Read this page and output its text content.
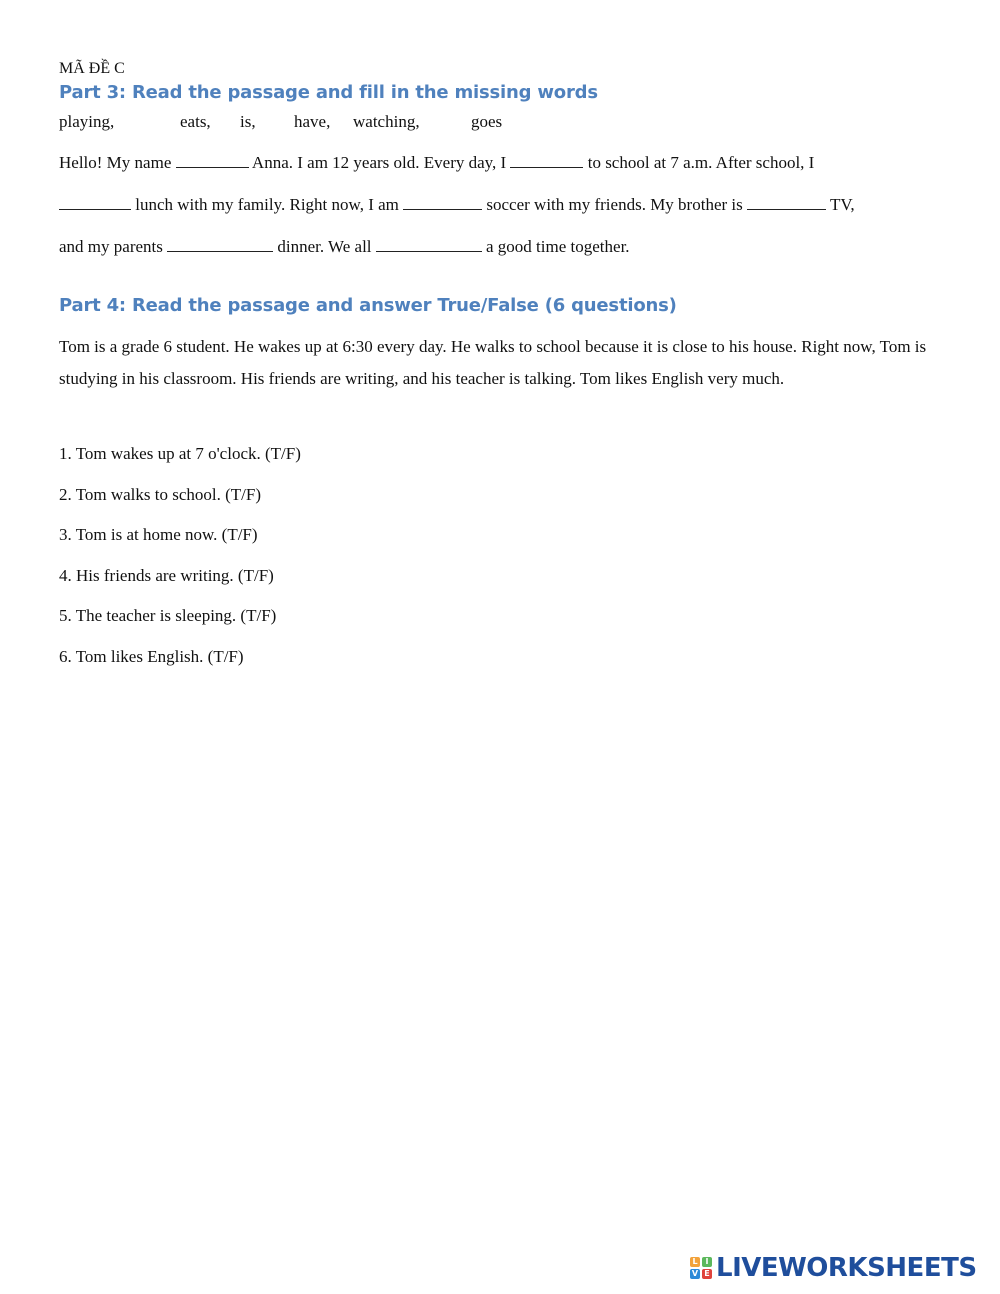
MÃ ĐỀ C
Part 3: Read the passage and fill in the missing words
playing,	eats, is, have, watching,	goes
Hello! My name	Anna. I am 12 years old. Every day, I	to school at 7 a.m. After school, I
lunch with my family. Right now, I am	soccer with my friends. My brother is	TV,
and my parents	dinner. We all	a good time together.
Part 4: Read the passage and answer True/False (6 questions)

Tom is a grade 6 student. He wakes up at 6:30 every day. He walks to school because it is close to his house. Right now, Tom is studying in his classroom. His friends are writing, and his teacher is talking. Tom likes English very much.

1. Tom wakes up at 7 o'clock. (T/F)
2. Tom walks to school. (T/F)
3. Tom is at home now. (T/F)
4. His friends are writing. (T/F)
5. The teacher is sleeping. (T/F)
6. Tom likes English. (T/F)
L I
V E LIVEWORKSHEETS
